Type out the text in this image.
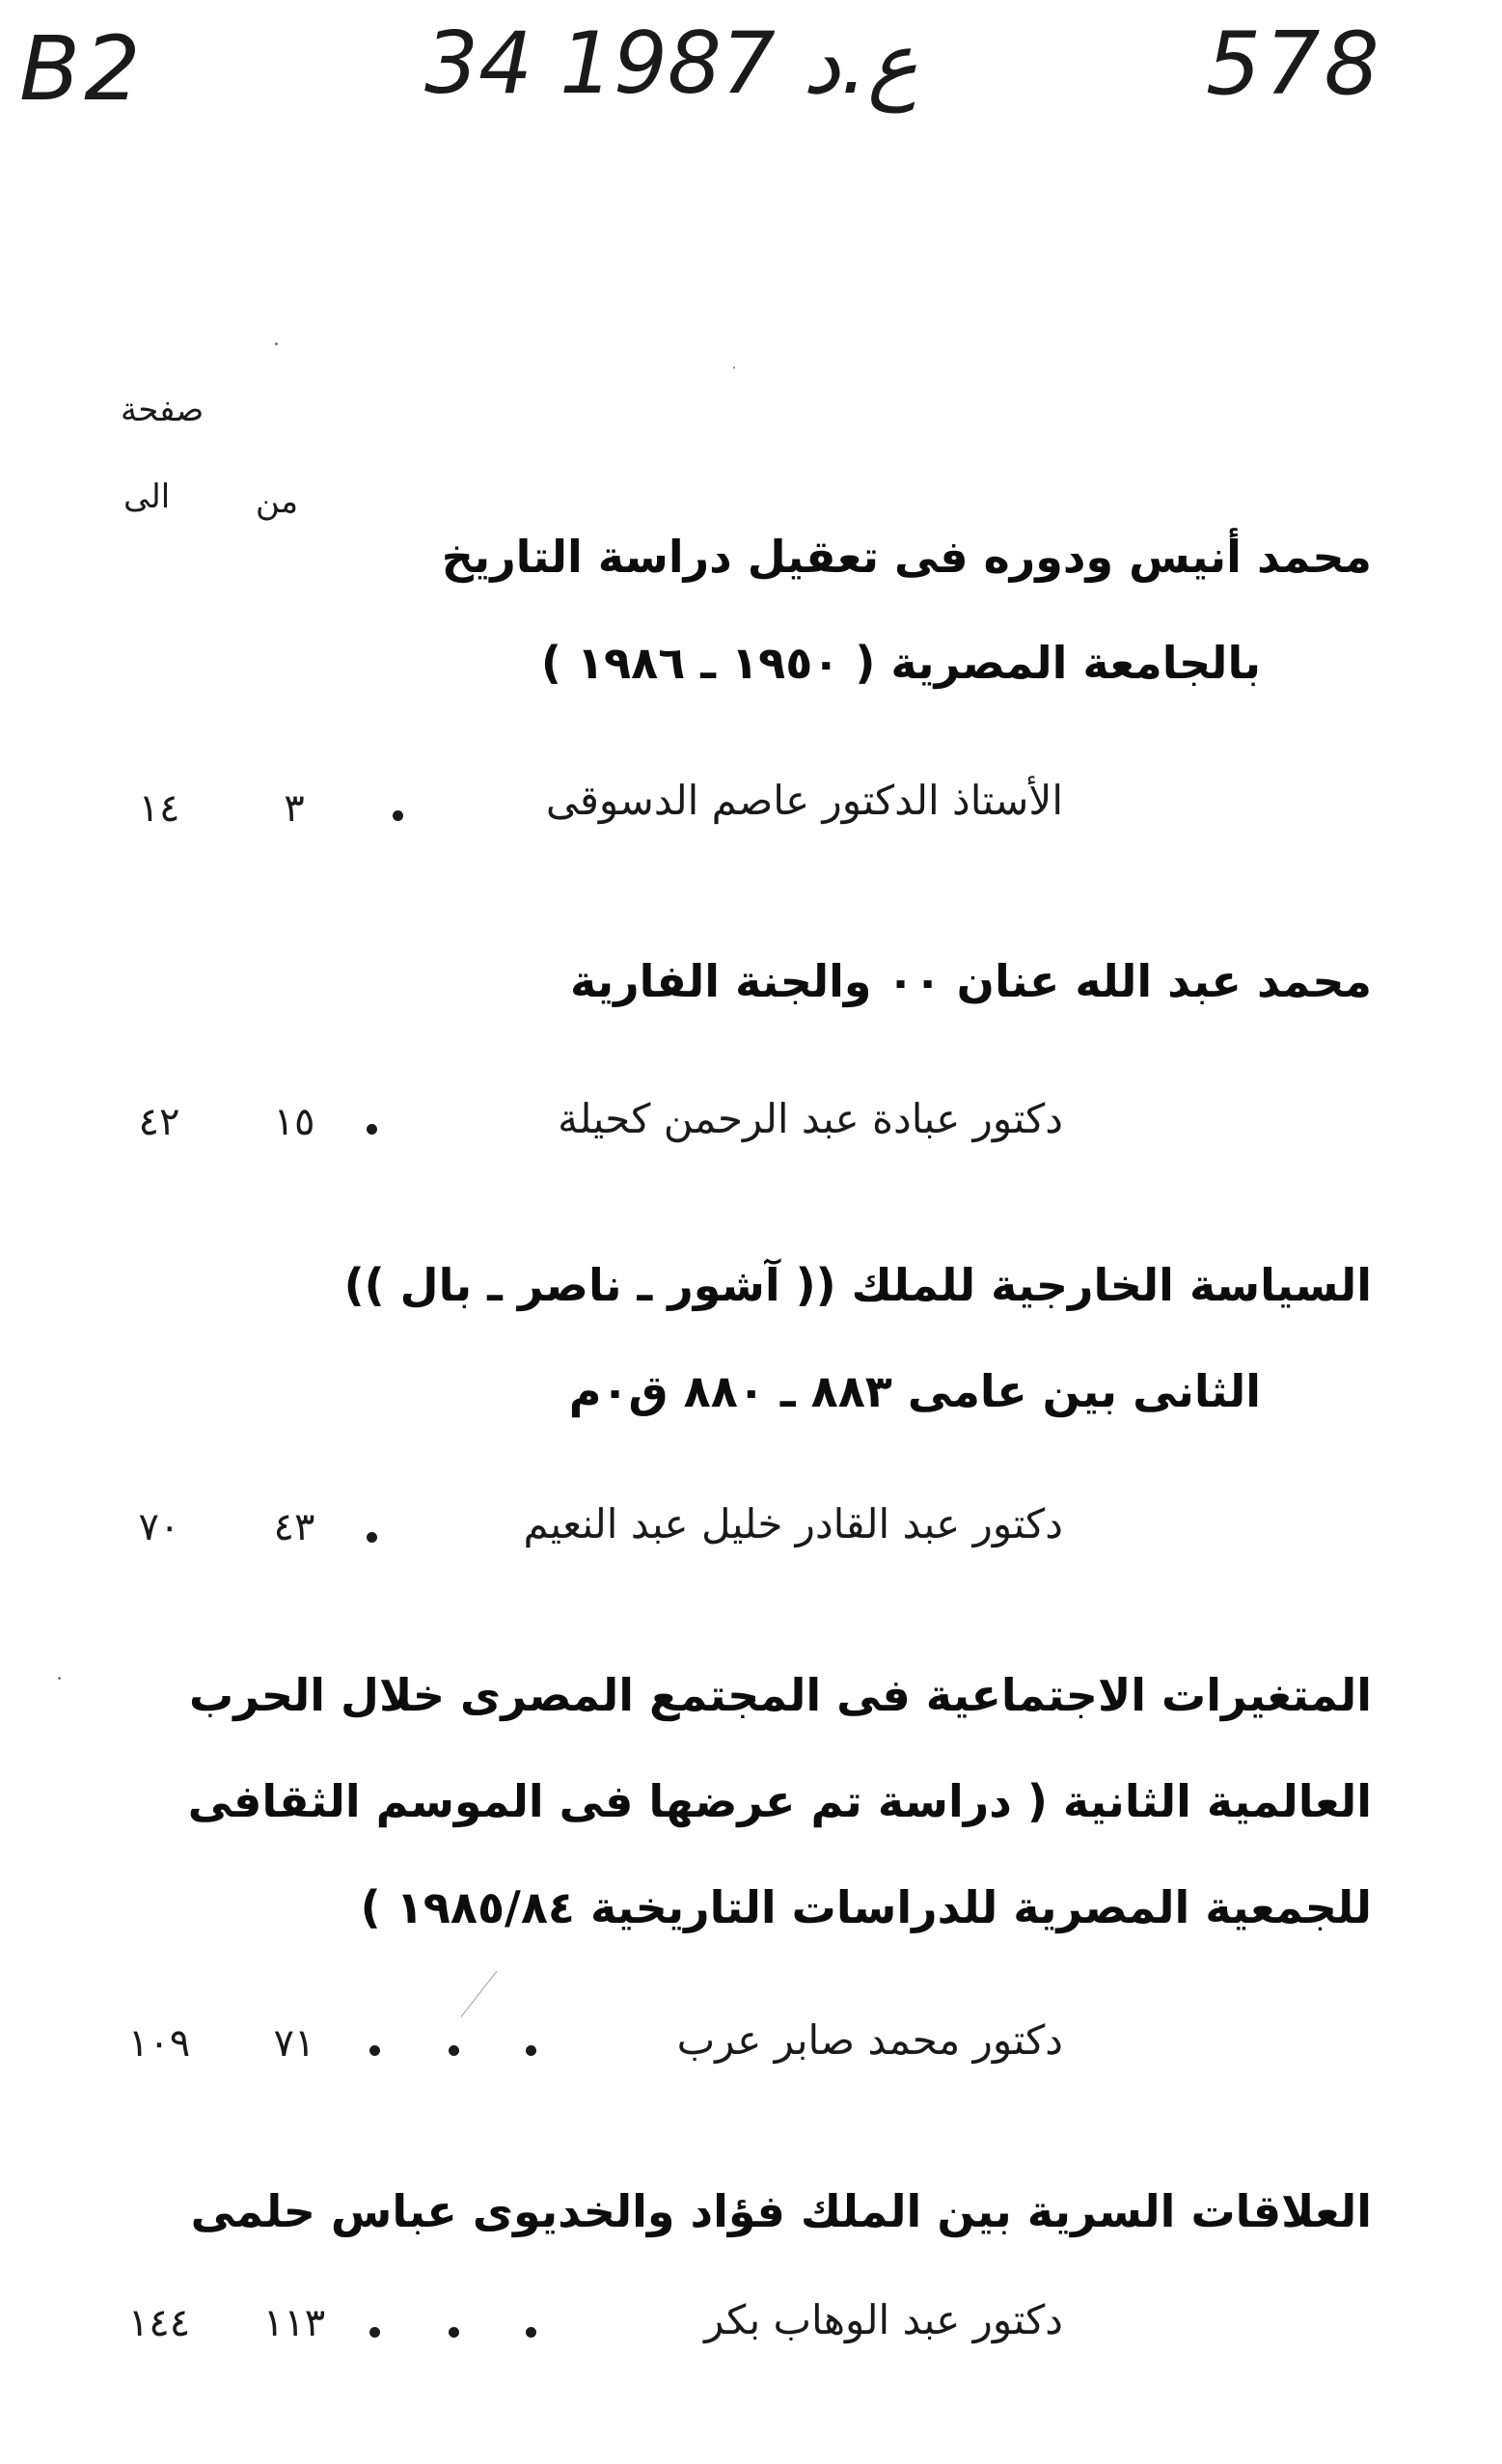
B2	34 ع.د 1987	578
صفحة
من
الى
محمد أنيس ودوره فى تعقيل دراسة التاريخ
بالجامعة المصرية ( ١٩٥٠ ـ ١٩٨٦ )
الأستاذ الدكتور عاصم الدسوقى
٣
١٤
محمد عبد الله عنان ٠٠ والجنة الفارية
دكتور عبادة عبد الرحمن كحيلة
١٥
٤٢
السياسة الخارجية للملك (( آشور ـ ناصر ـ بال ))
الثانى بين عامى ٨٨٣ ـ ٨٨٠ ق٠م
دكتور عبد القادر خليل عبد النعيم
٤٣
٧٠
المتغيرات الاجتماعية فى المجتمع المصرى خلال الحرب
العالمية الثانية ( دراسة تم عرضها فى الموسم الثقافى
للجمعية المصرية للدراسات التاريخية ١٩٨٥/٨٤ )
دكتور محمد صابر عرب
٧١
١٠٩
العلاقات السرية بين الملك فؤاد والخديوى عباس حلمى
دكتور عبد الوهاب بكر
١١٣
١٤٤
